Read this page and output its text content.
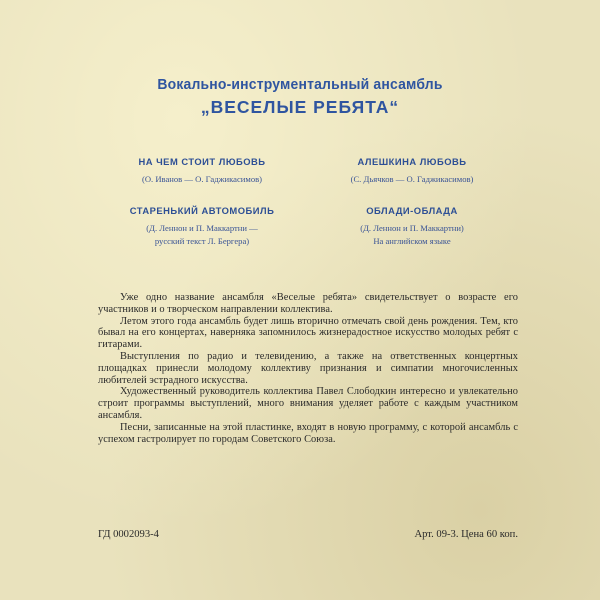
Вокально-инструментальный ансамбль
„ВЕСЕЛЫЕ РЕБЯТА“
НА ЧЕМ СТОИТ ЛЮБОВЬ
(О. Иванов — О. Гаджикасимов)
АЛЕШКИНА ЛЮБОВЬ
(С. Дьячков — О. Гаджикасимов)
СТАРЕНЬКИЙ АВТОМОБИЛЬ
(Д. Леннон и П. Маккартни —
русский текст Л. Бергера)
ОБЛАДИ-ОБЛАДА
(Д. Леннон и П. Маккартни)
На английском языке

Уже одно название ансамбля «Веселые ребята» свидетельствует о возрасте его участников и о творческом направлении коллектива.

Летом этого года ансамбль будет лишь вторично отмечать свой день рождения. Тем, кто бывал на его концертах, наверняка запомнилось жизнерадостное искусство молодых ребят с гитарами.

Выступления по радио и телевидению, а также на ответственных концертных площадках принесли молодому коллективу признания и симпатии многочисленных любителей эстрадного искусства.

Художественный руководитель коллектива Павел Слободкин интересно и увлекательно строит программы выступлений, много внимания уделяет работе с каждым участником ансамбля.

Песни, записанные на этой пластинке, входят в новую программу, с которой ансамбль с успехом гастролирует по городам Советского Союза.

ГД 0002093-4	Арт. 09-3. Цена 60 коп.
